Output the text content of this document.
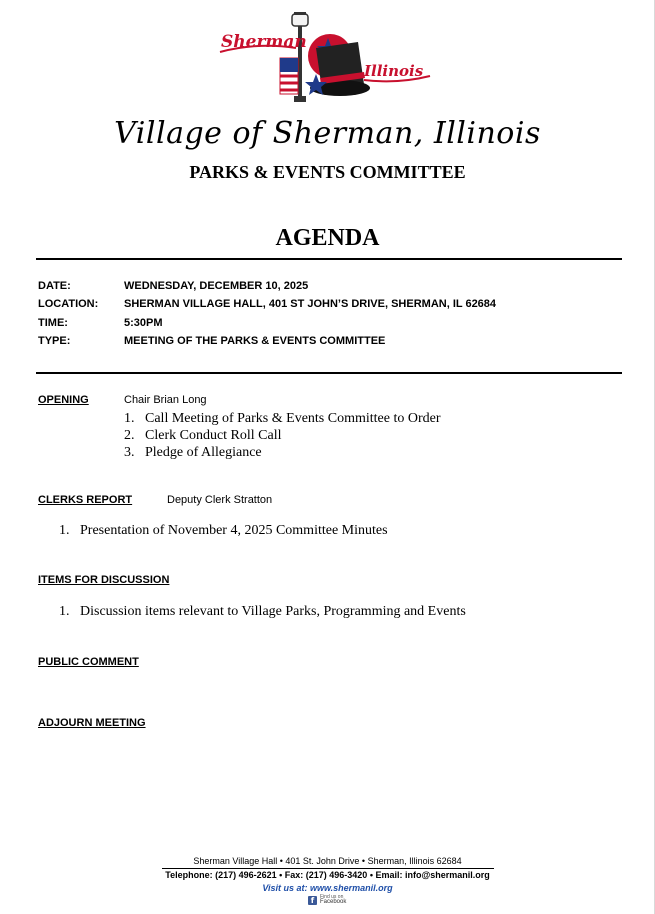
Sherman
Illinois
Village of Sherman, Illinois
PARKS & EVENTS COMMITTEE
AGENDA
DATE:	WEDNESDAY, DECEMBER 10, 2025
LOCATION: SHERMAN VILLAGE HALL, 401 ST JOHN’S DRIVE, SHERMAN, IL 62684
TIME:	5:30PM
TYPE:	MEETING OF THE PARKS & EVENTS COMMITTEE
OPENING	Chair Brian Long
1. Call Meeting of Parks & Events Committee to Order
2. Clerk Conduct Roll Call
3. Pledge of Allegiance
CLERKS REPORT	Deputy Clerk Stratton
1. Presentation of November 4, 2025 Committee Minutes
ITEMS FOR DISCUSSION
1. Discussion items relevant to Village Parks, Programming and Events
PUBLIC COMMENT
ADJOURN MEETING
Sherman Village Hall • 401 St. John Drive • Sherman, Illinois 62684
Telephone: (217) 496-2621 • Fax: (217) 496-3420 • Email: info@shermanil.org
Visit us at: www.shermanil.org
f	Find us on
Facebook
